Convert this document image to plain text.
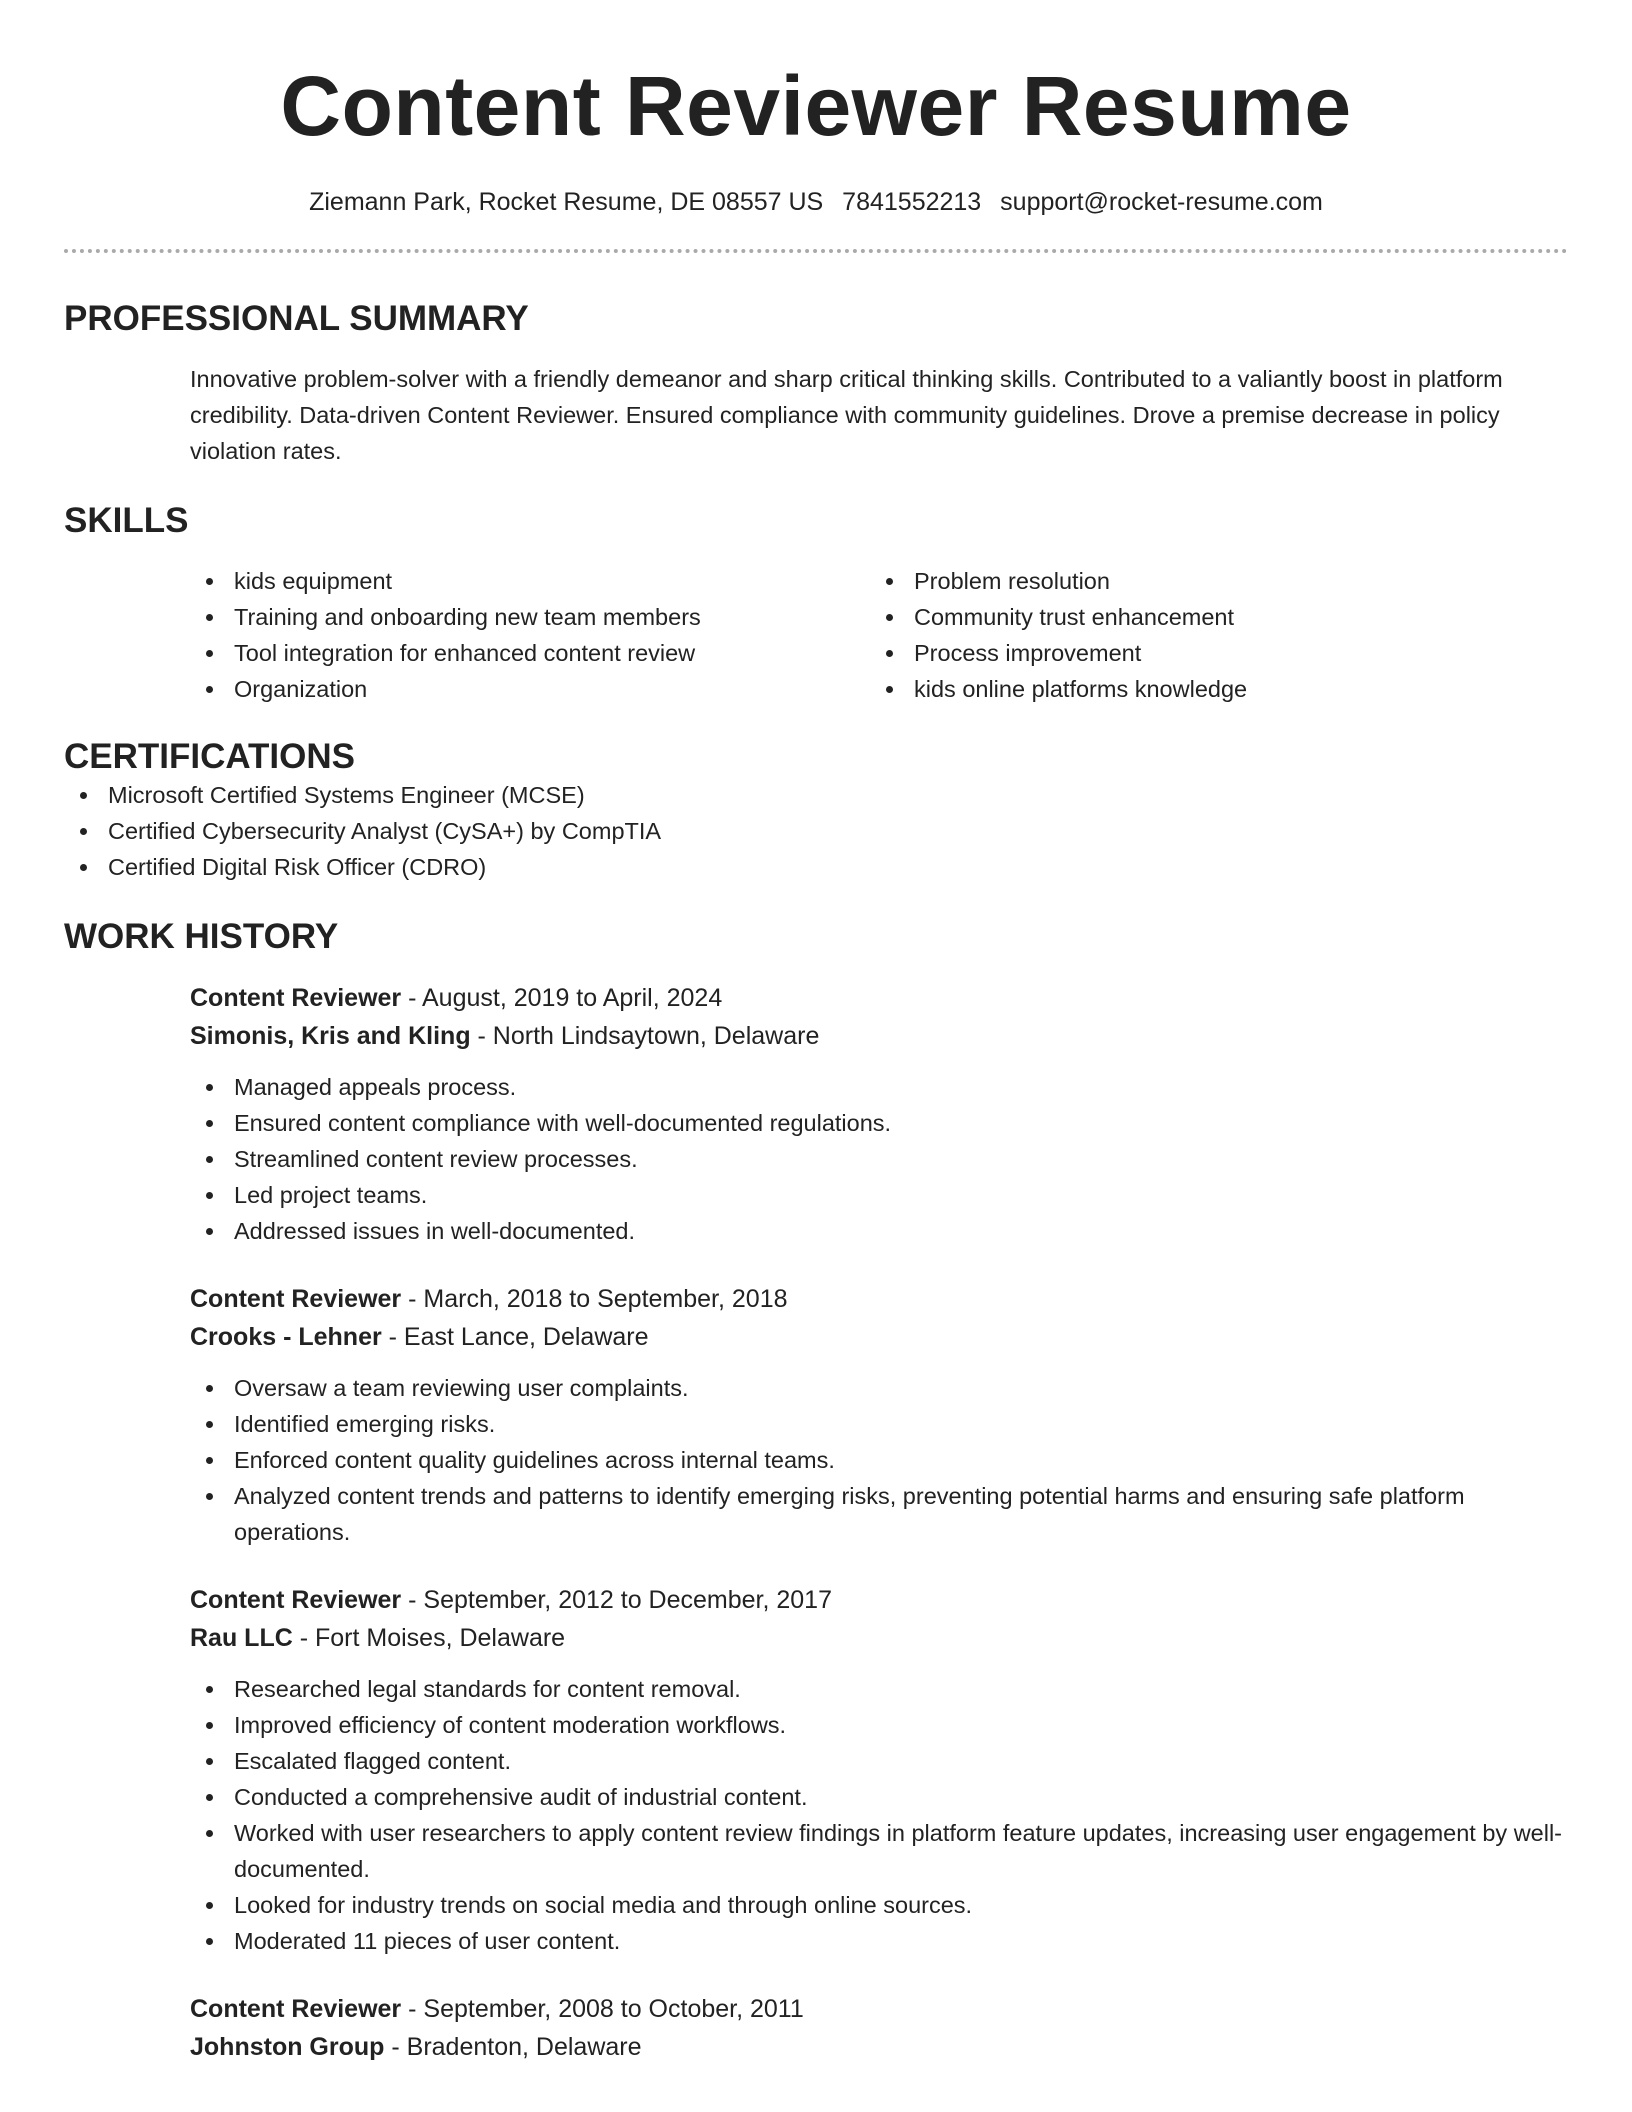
Content Reviewer Resume
Ziemann Park, Rocket Resume, DE 08557 US 7841552213 support@rocket-resume.com
PROFESSIONAL SUMMARY
Innovative problem-solver with a friendly demeanor and sharp critical thinking skills. Contributed to a valiantly boost in platform credibility. Data-driven Content Reviewer. Ensured compliance with community guidelines. Drove a premise decrease in policy violation rates.
SKILLS
kids equipment
Training and onboarding new team members
Tool integration for enhanced content review
Organization
Problem resolution
Community trust enhancement
Process improvement
kids online platforms knowledge
CERTIFICATIONS
Microsoft Certified Systems Engineer (MCSE)
Certified Cybersecurity Analyst (CySA+) by CompTIA
Certified Digital Risk Officer (CDRO)
WORK HISTORY
Content Reviewer - August, 2019 to April, 2024
Simonis, Kris and Kling - North Lindsaytown, Delaware
Managed appeals process.
Ensured content compliance with well-documented regulations.
Streamlined content review processes.
Led project teams.
Addressed issues in well-documented.
Content Reviewer - March, 2018 to September, 2018
Crooks - Lehner - East Lance, Delaware
Oversaw a team reviewing user complaints.
Identified emerging risks.
Enforced content quality guidelines across internal teams.
Analyzed content trends and patterns to identify emerging risks, preventing potential harms and ensuring safe platform operations.
Content Reviewer - September, 2012 to December, 2017
Rau LLC - Fort Moises, Delaware
Researched legal standards for content removal.
Improved efficiency of content moderation workflows.
Escalated flagged content.
Conducted a comprehensive audit of industrial content.
Worked with user researchers to apply content review findings in platform feature updates, increasing user engagement by well-documented.
Looked for industry trends on social media and through online sources.
Moderated 11 pieces of user content.
Content Reviewer - September, 2008 to October, 2011
Johnston Group - Bradenton, Delaware
